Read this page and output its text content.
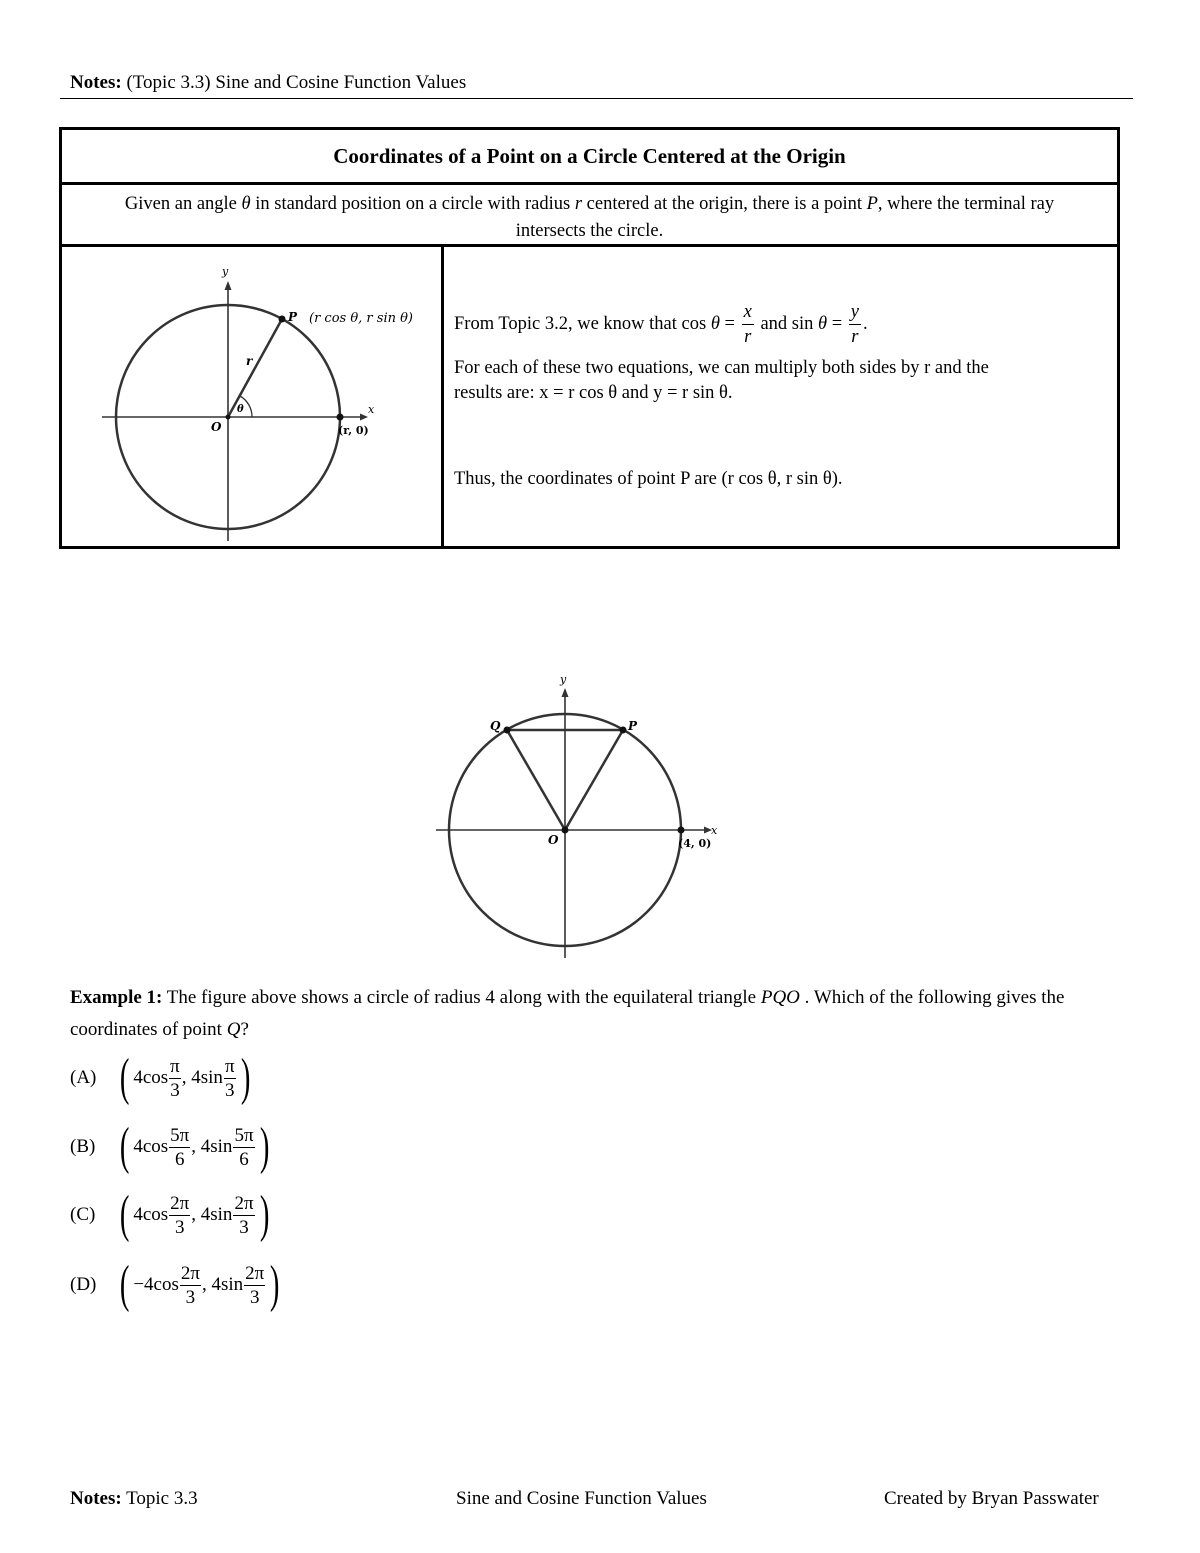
Notes: (Topic 3.3) Sine and Cosine Function Values
Coordinates of a Point on a Circle Centered at the Origin
Given an angle θ in standard position on a circle with radius r centered at the origin, there is a point P, where the terminal ray intersects the circle.
y
x
O
P
r
θ
(r cos θ, r sin θ)
(r, 0)
From Topic 3.2, we know that $\cos \theta = \frac{x}{r}$ and $\sin \theta = \frac{y}{r}$ .
For each of these two equations, we can multiply both sides by r and the
results are: x = r cos θ and y = r sin θ.
Thus, the coordinates of point P are (r cos θ, r sin θ).
y
x
O
Q	P
(4, 0)
Example 1: The figure above shows a circle of radius 4 along with the equilateral triangle PQO . Which of the following gives the coordinates of point Q?
(A) ( $4\cos \frac{\pi}{3}$ , $4\sin \frac{\pi}{3}$ )
(B) ( $4\cos \frac{5\pi}{6}$ , $4\sin \frac{5\pi}{6}$ )
(C) ( $4\cos \frac{2\pi}{3}$ , $4\sin \frac{2\pi}{3}$ )
(D) ( $-4\cos \frac{2\pi}{3}$ , $4\sin \frac{2\pi}{3}$ )
Notes: Topic 3.3	Sine and Cosine Function Values	Created by Bryan Passwater
